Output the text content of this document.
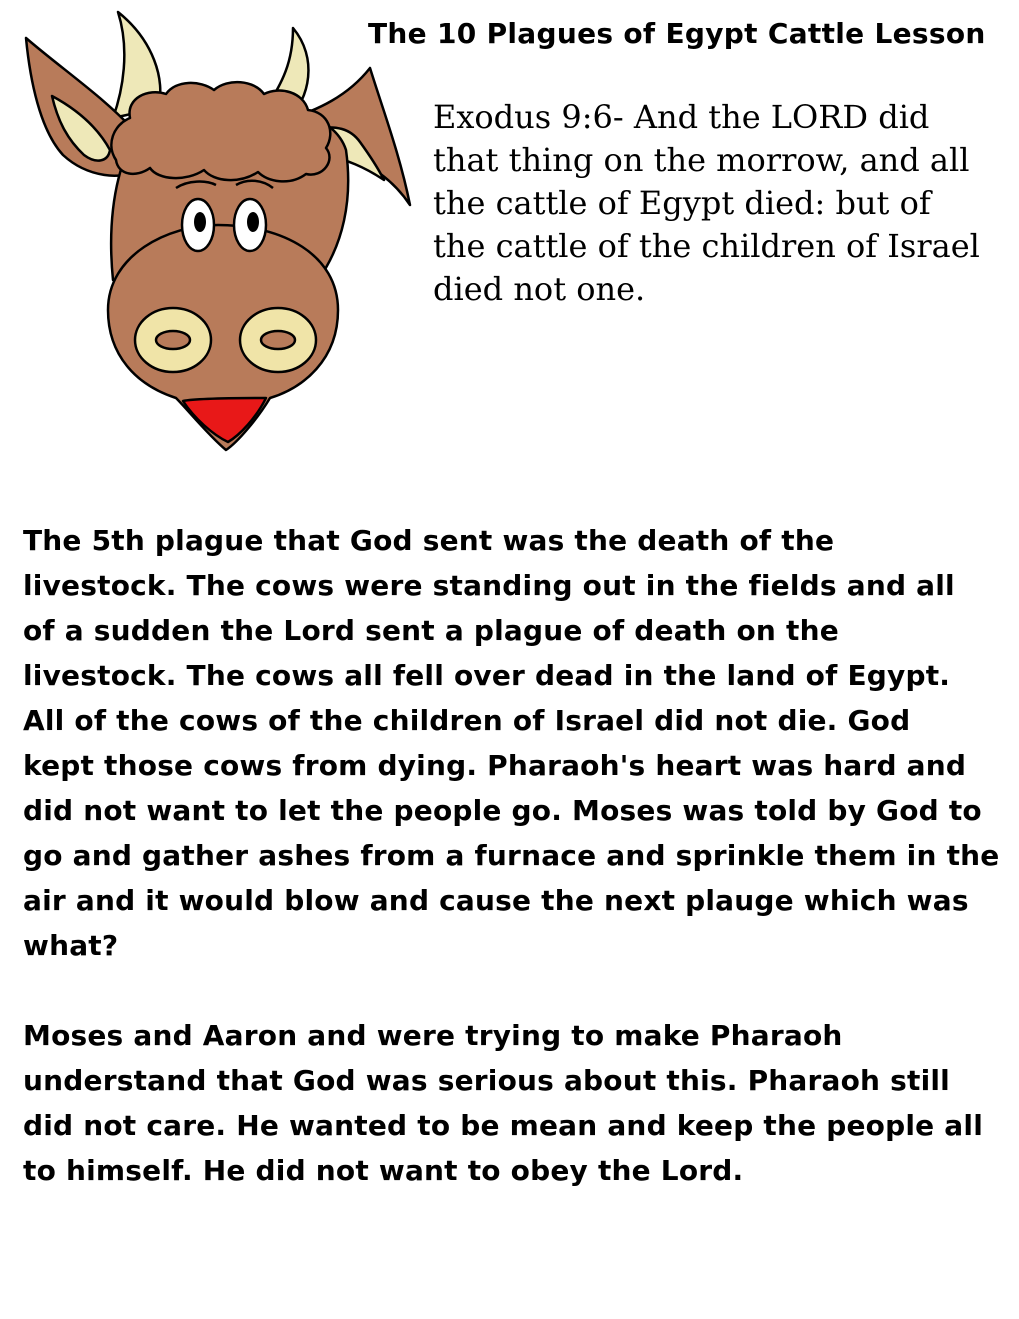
The 10 Plagues of Egypt Cattle Lesson

Exodus 9:6- And the LORD did
that thing on the morrow, and all
the cattle of Egypt died: but of
the cattle of the children of Israel
died not one.

The 5th plague that God sent was the death of the
livestock. The cows were standing out in the fields and all
of a sudden the Lord sent a plague of death on the
livestock. The cows all fell over dead in the land of Egypt.
All of the cows of the children of Israel did not die. God
kept those cows from dying. Pharaoh's heart was hard and
did not want to let the people go. Moses was told by God to
go and gather ashes from a furnace and sprinkle them in the
air and it would blow and cause the next plauge which was
what?

Moses and Aaron and were trying to make Pharaoh
understand that God was serious about this. Pharaoh still
did not care. He wanted to be mean and keep the people all
to himself. He did not want to obey the Lord.
